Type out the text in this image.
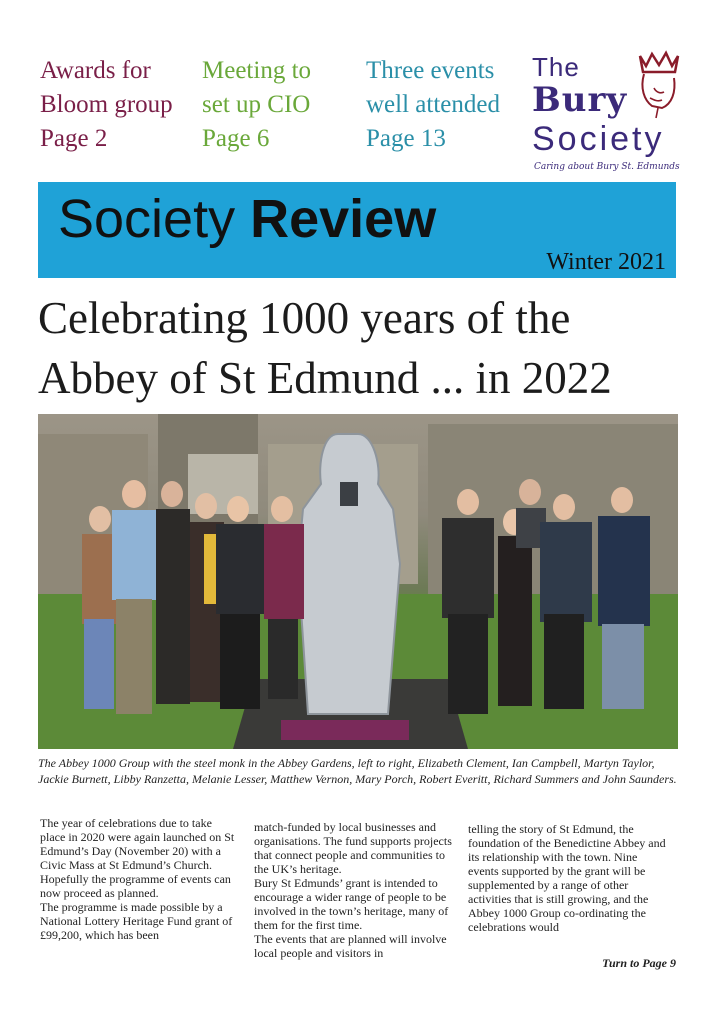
Awards for
Bloom group
Page 2
Meeting to
set up CIO
Page 6
Three events
well attended
Page 13
The
Bury
Society
Caring about Bury St. Edmunds
Society Review
Winter 2021
Celebrating 1000 years of the
Abbey of St Edmund ... in 2022
The Abbey 1000 Group with the steel monk in the Abbey Gardens, left to right, Elizabeth Clement, Ian Campbell, Martyn Taylor, Jackie Burnett, Libby Ranzetta, Melanie Lesser, Matthew Vernon, Mary Porch, Robert Everitt, Richard Summers and John Saunders.

The year of celebrations due to take place in 2020 were again launched on St Edmund’s Day (November 20) with a Civic Mass at St Edmund’s Church.

Hopefully the programme of events can now proceed as planned.

The programme is made possible by a National Lottery Heritage Fund grant of £99,200, which has been

match-funded by local businesses and organisations. The fund supports projects that connect people and communities to the UK’s heritage.

Bury St Edmunds’ grant is intended to encourage a wider range of people to be involved in the town’s heritage, many of them for the first time.

The events that are planned will involve local people and visitors in

telling the story of St Edmund, the foundation of the Benedictine Abbey and its relationship with the town. Nine events supported by the grant will be supplemented by a range of other activities that is still growing, and the Abbey 1000 Group co-ordinating the celebrations would

Turn to Page 9
